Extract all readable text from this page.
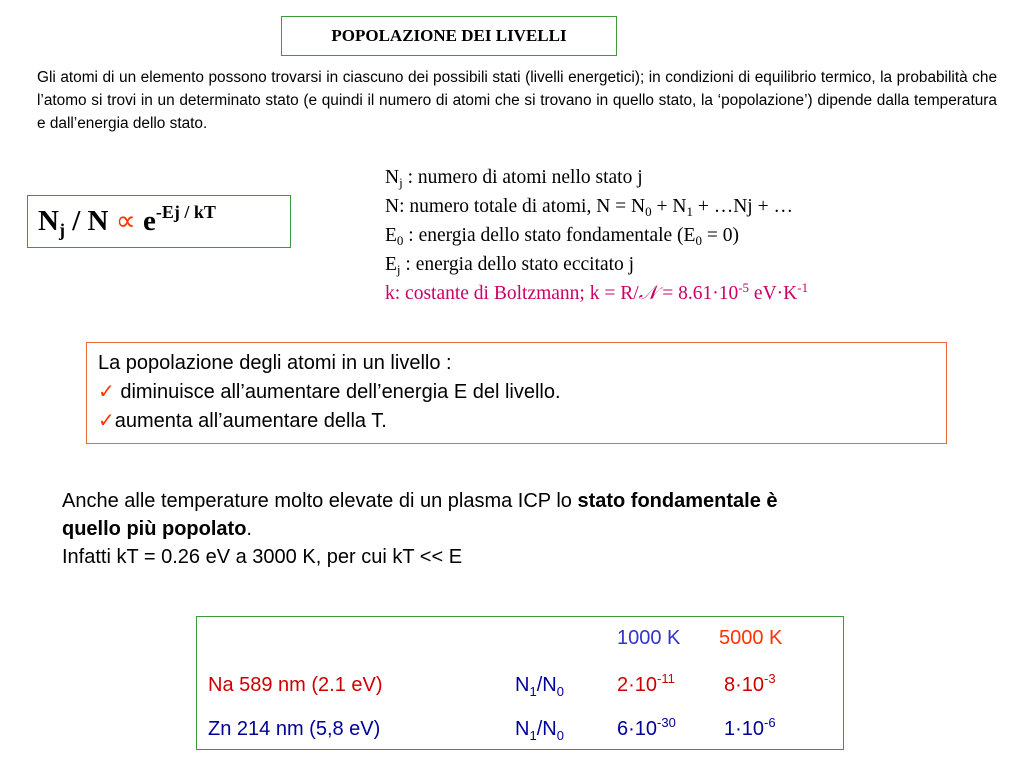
POPOLAZIONE DEI LIVELLI
Gli atomi di un elemento possono trovarsi in ciascuno dei possibili stati (livelli energetici); in condizioni di equilibrio termico, la probabilità che l’atomo si trovi in un determinato stato (e quindi il numero di atomi che si trovano in quello stato, la ‘popolazione’) dipende dalla temperatura e dall’energia dello stato.
$N_j / N \propto e^{-Ej / kT}$
$N_j$ : numero di atomi nello stato j
N: numero totale di atomi, $N = N_0 + N_1$ + …Nj + …
$E_0$ : energia dello stato fondamentale $(E_0 = 0)$
$E_j$ : energia dello stato eccitato j
k: costante di Boltzmann; k = R/𝒩 = $8.61\cdot 10^{-5}$ $eV\cdot K^{-1}$
La popolazione degli atomi in un livello :
✓ diminuisce all’aumentare dell’energia E del livello.
✓aumenta all’aumentare della T.
Anche alle temperature molto elevate di un plasma ICP lo stato fondamentale è quello più popolato.
Infatti kT = 0.26 eV a 3000 K, per cui kT << E
1000 K 5000 K
Na 589 nm (2.1 eV)	$N_1/N_0$	$2\cdot 10^{-11}$ $8\cdot 10^{-3}$
Zn 214 nm (5,8 eV)	$N_1/N_0$	$6\cdot 10^{-30}$ $1\cdot 10^{-6}$
